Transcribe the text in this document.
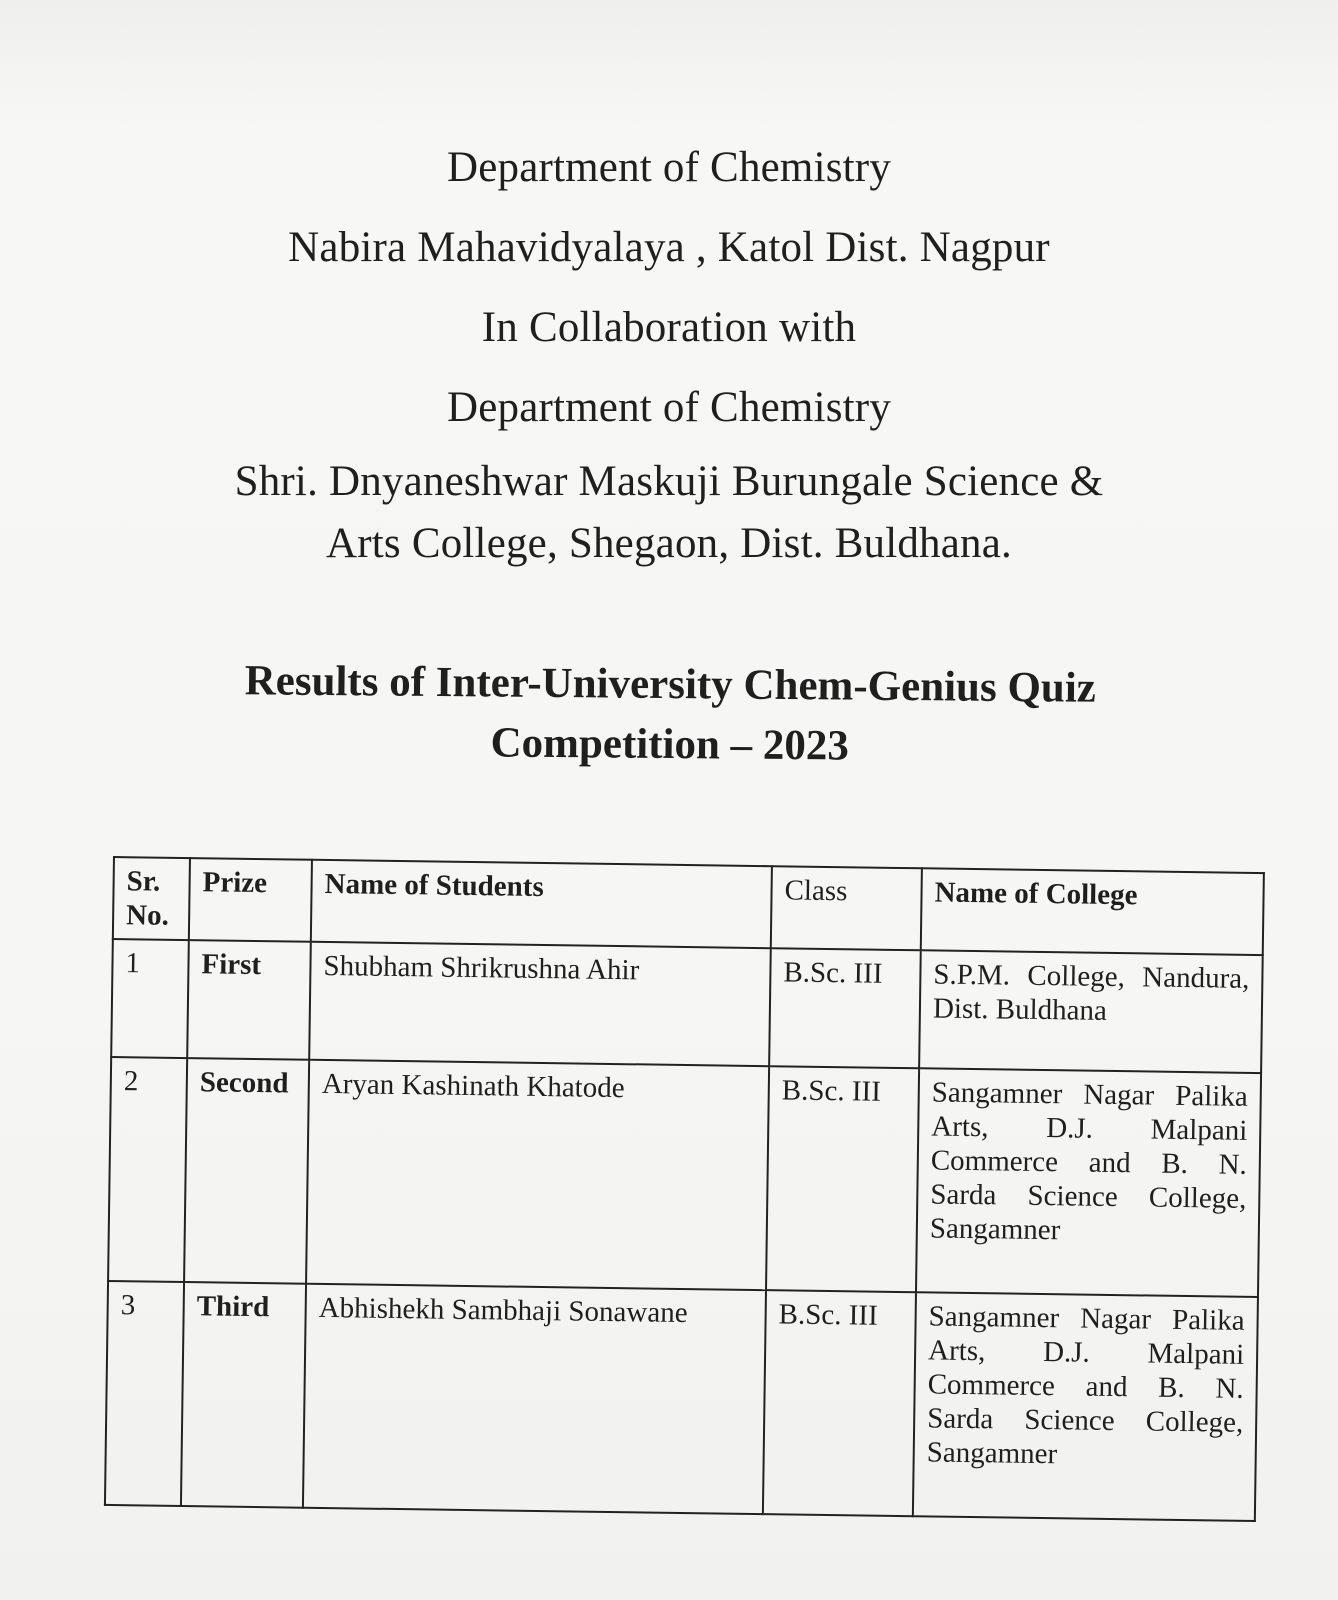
Department of Chemistry
Nabira Mahavidyalaya , Katol Dist. Nagpur
In Collaboration with
Department of Chemistry
Shri. Dnyaneshwar Maskuji Burungale Science &
Arts College, Shegaon, Dist. Buldhana.
Results of Inter-University Chem-Genius Quiz
Competition – 2023
Sr. No.	Prize	Name of Students	Class	Name of College
1	First	Shubham Shrikrushna Ahir	B.Sc. III	S.P.M. College, Nandura, Dist. Buldhana
2	Second	Aryan Kashinath Khatode	B.Sc. III	Sangamner Nagar Palika Arts, D.J. Malpani Commerce and B. N. Sarda Science College, Sangamner
3	Third	Abhishekh Sambhaji Sonawane	B.Sc. III	Sangamner Nagar Palika Arts, D.J. Malpani Commerce and B. N. Sarda Science College, Sangamner
